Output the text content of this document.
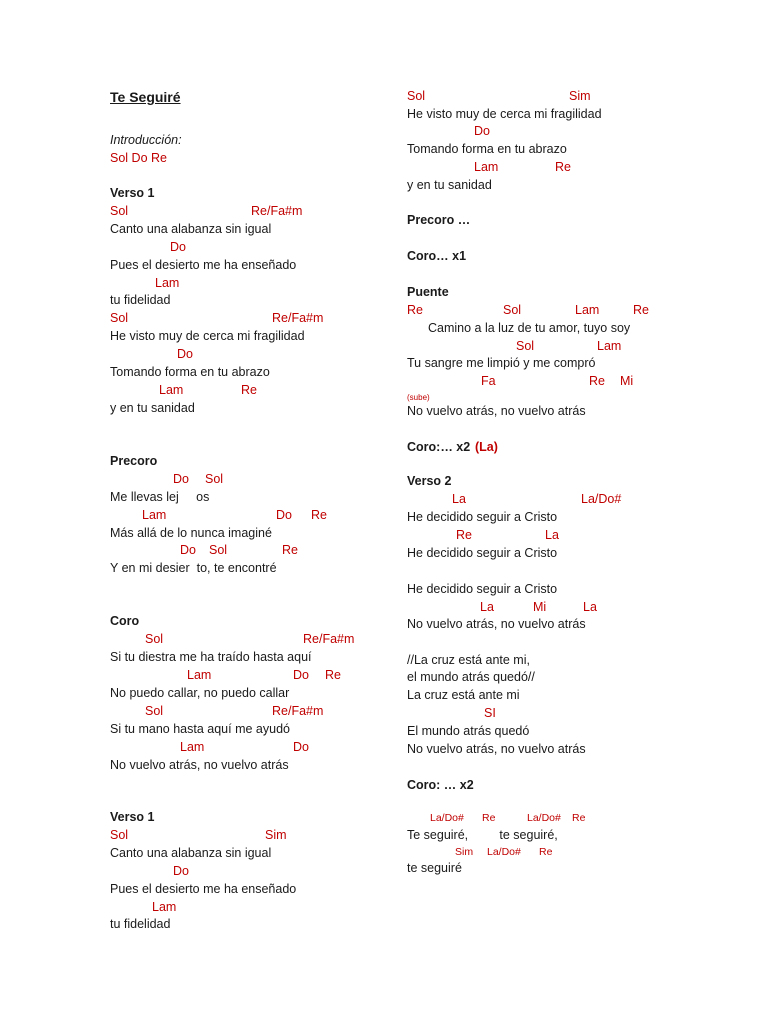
Te Seguiré
Introducción:
Sol Do Re
Verso 1
Sol	Re/Fa#m
Canto una alabanza sin igual
Do
Pues el desierto me ha enseñado
Lam
tu fidelidad
Sol	Re/Fa#m
He visto muy de cerca mi fragilidad
Do
Tomando forma en tu abrazo
Lam	Re
y en tu sanidad
Precoro
Do Sol
Me llevas lej     os
Lam	Do Re
Más allá de lo nunca imaginé
Do Sol	Re
Y en mi desier  to, te encontré
Coro
Sol	Re/Fa#m
Si tu diestra me ha traído hasta aquí
Lam	Do Re
No puedo callar, no puedo callar
Sol	Re/Fa#m
Si tu mano hasta aquí me ayudó
Lam	Do
No vuelvo atrás, no vuelvo atrás
Verso 1
Sol	Sim
Canto una alabanza sin igual
Do
Pues el desierto me ha enseñado
Lam
tu fidelidad
Sol	Sim
He visto muy de cerca mi fragilidad
Do
Tomando forma en tu abrazo
Lam	Re
y en tu sanidad
Precoro …
Coro… x1
Puente
Re	Sol	Lam	Re
Camino a la luz de tu amor, tuyo soy
Sol	Lam
Tu sangre me limpió y me compró
Fa	Re Mi
(sube)
No vuelvo atrás, no vuelvo atrás
Coro:… x2 (La)
Verso 2
La	La/Do#
He decidido seguir a Cristo
Re	La
He decidido seguir a Cristo
He decidido seguir a Cristo
La	Mi	La
No vuelvo atrás, no vuelvo atrás
//La cruz está ante mi,
el mundo atrás quedó//
La cruz está ante mi
SI
El mundo atrás quedó
No vuelvo atrás, no vuelvo atrás
Coro: … x2
La/Do# Re	La/Do# Re
Te seguiré,         te seguiré,
Sim La/Do# Re
te seguiré
